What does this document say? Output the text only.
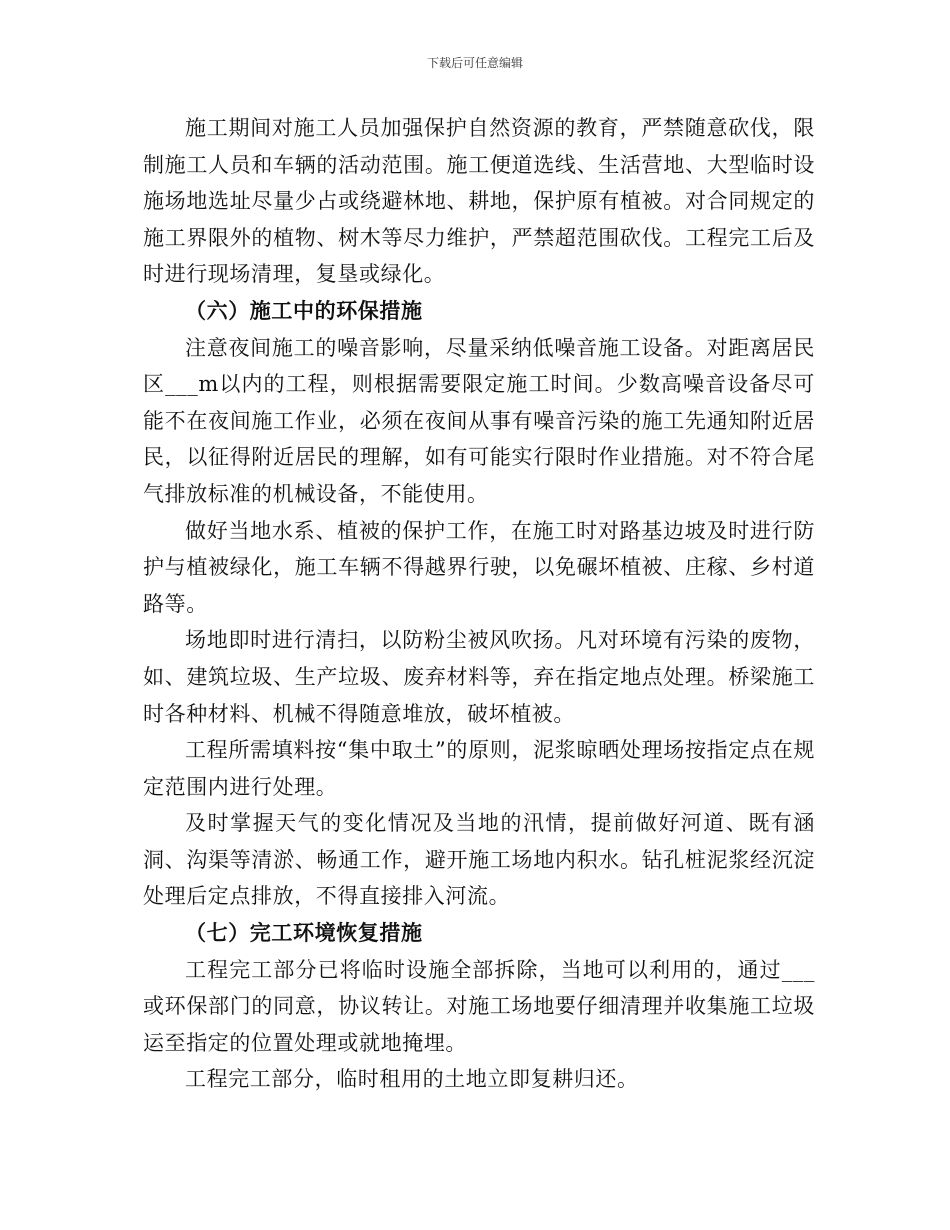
下载后可任意编辑

施工期间对施工人员加强保护自然资源的教育，严禁随意砍伐，限制施工人员和车辆的活动范围。施工便道选线、生活营地、大型临时设施场地选址尽量少占或绕避林地、耕地，保护原有植被。对合同规定的施工界限外的植物、树木等尽力维护，严禁超范围砍伐。工程完工后及时进行现场清理，复垦或绿化。

（六）施工中的环保措施

注意夜间施工的噪音影响，尽量采纳低噪音施工设备。对距离居民区___m以内的工程，则根据需要限定施工时间。少数高噪音设备尽可能不在夜间施工作业，必须在夜间从事有噪音污染的施工先通知附近居民，以征得附近居民的理解，如有可能实行限时作业措施。对不符合尾气排放标准的机械设备，不能使用。

做好当地水系、植被的保护工作，在施工时对路基边坡及时进行防护与植被绿化，施工车辆不得越界行驶，以免碾坏植被、庄稼、乡村道路等。

场地即时进行清扫，以防粉尘被风吹扬。凡对环境有污染的废物，如、建筑垃圾、生产垃圾、废弃材料等，弃在指定地点处理。桥梁施工时各种材料、机械不得随意堆放，破坏植被。

工程所需填料按“集中取土”的原则，泥浆晾晒处理场按指定点在规定范围内进行处理。

及时掌握天气的变化情况及当地的汛情，提前做好河道、既有涵洞、沟渠等清淤、畅通工作，避开施工场地内积水。钻孔桩泥浆经沉淀处理后定点排放，不得直接排入河流。

（七）完工环境恢复措施

工程完工部分已将临时设施全部拆除，当地可以利用的，通过___或环保部门的同意，协议转让。对施工场地要仔细清理并收集施工垃圾运至指定的位置处理或就地掩埋。

工程完工部分，临时租用的土地立即复耕归还。
